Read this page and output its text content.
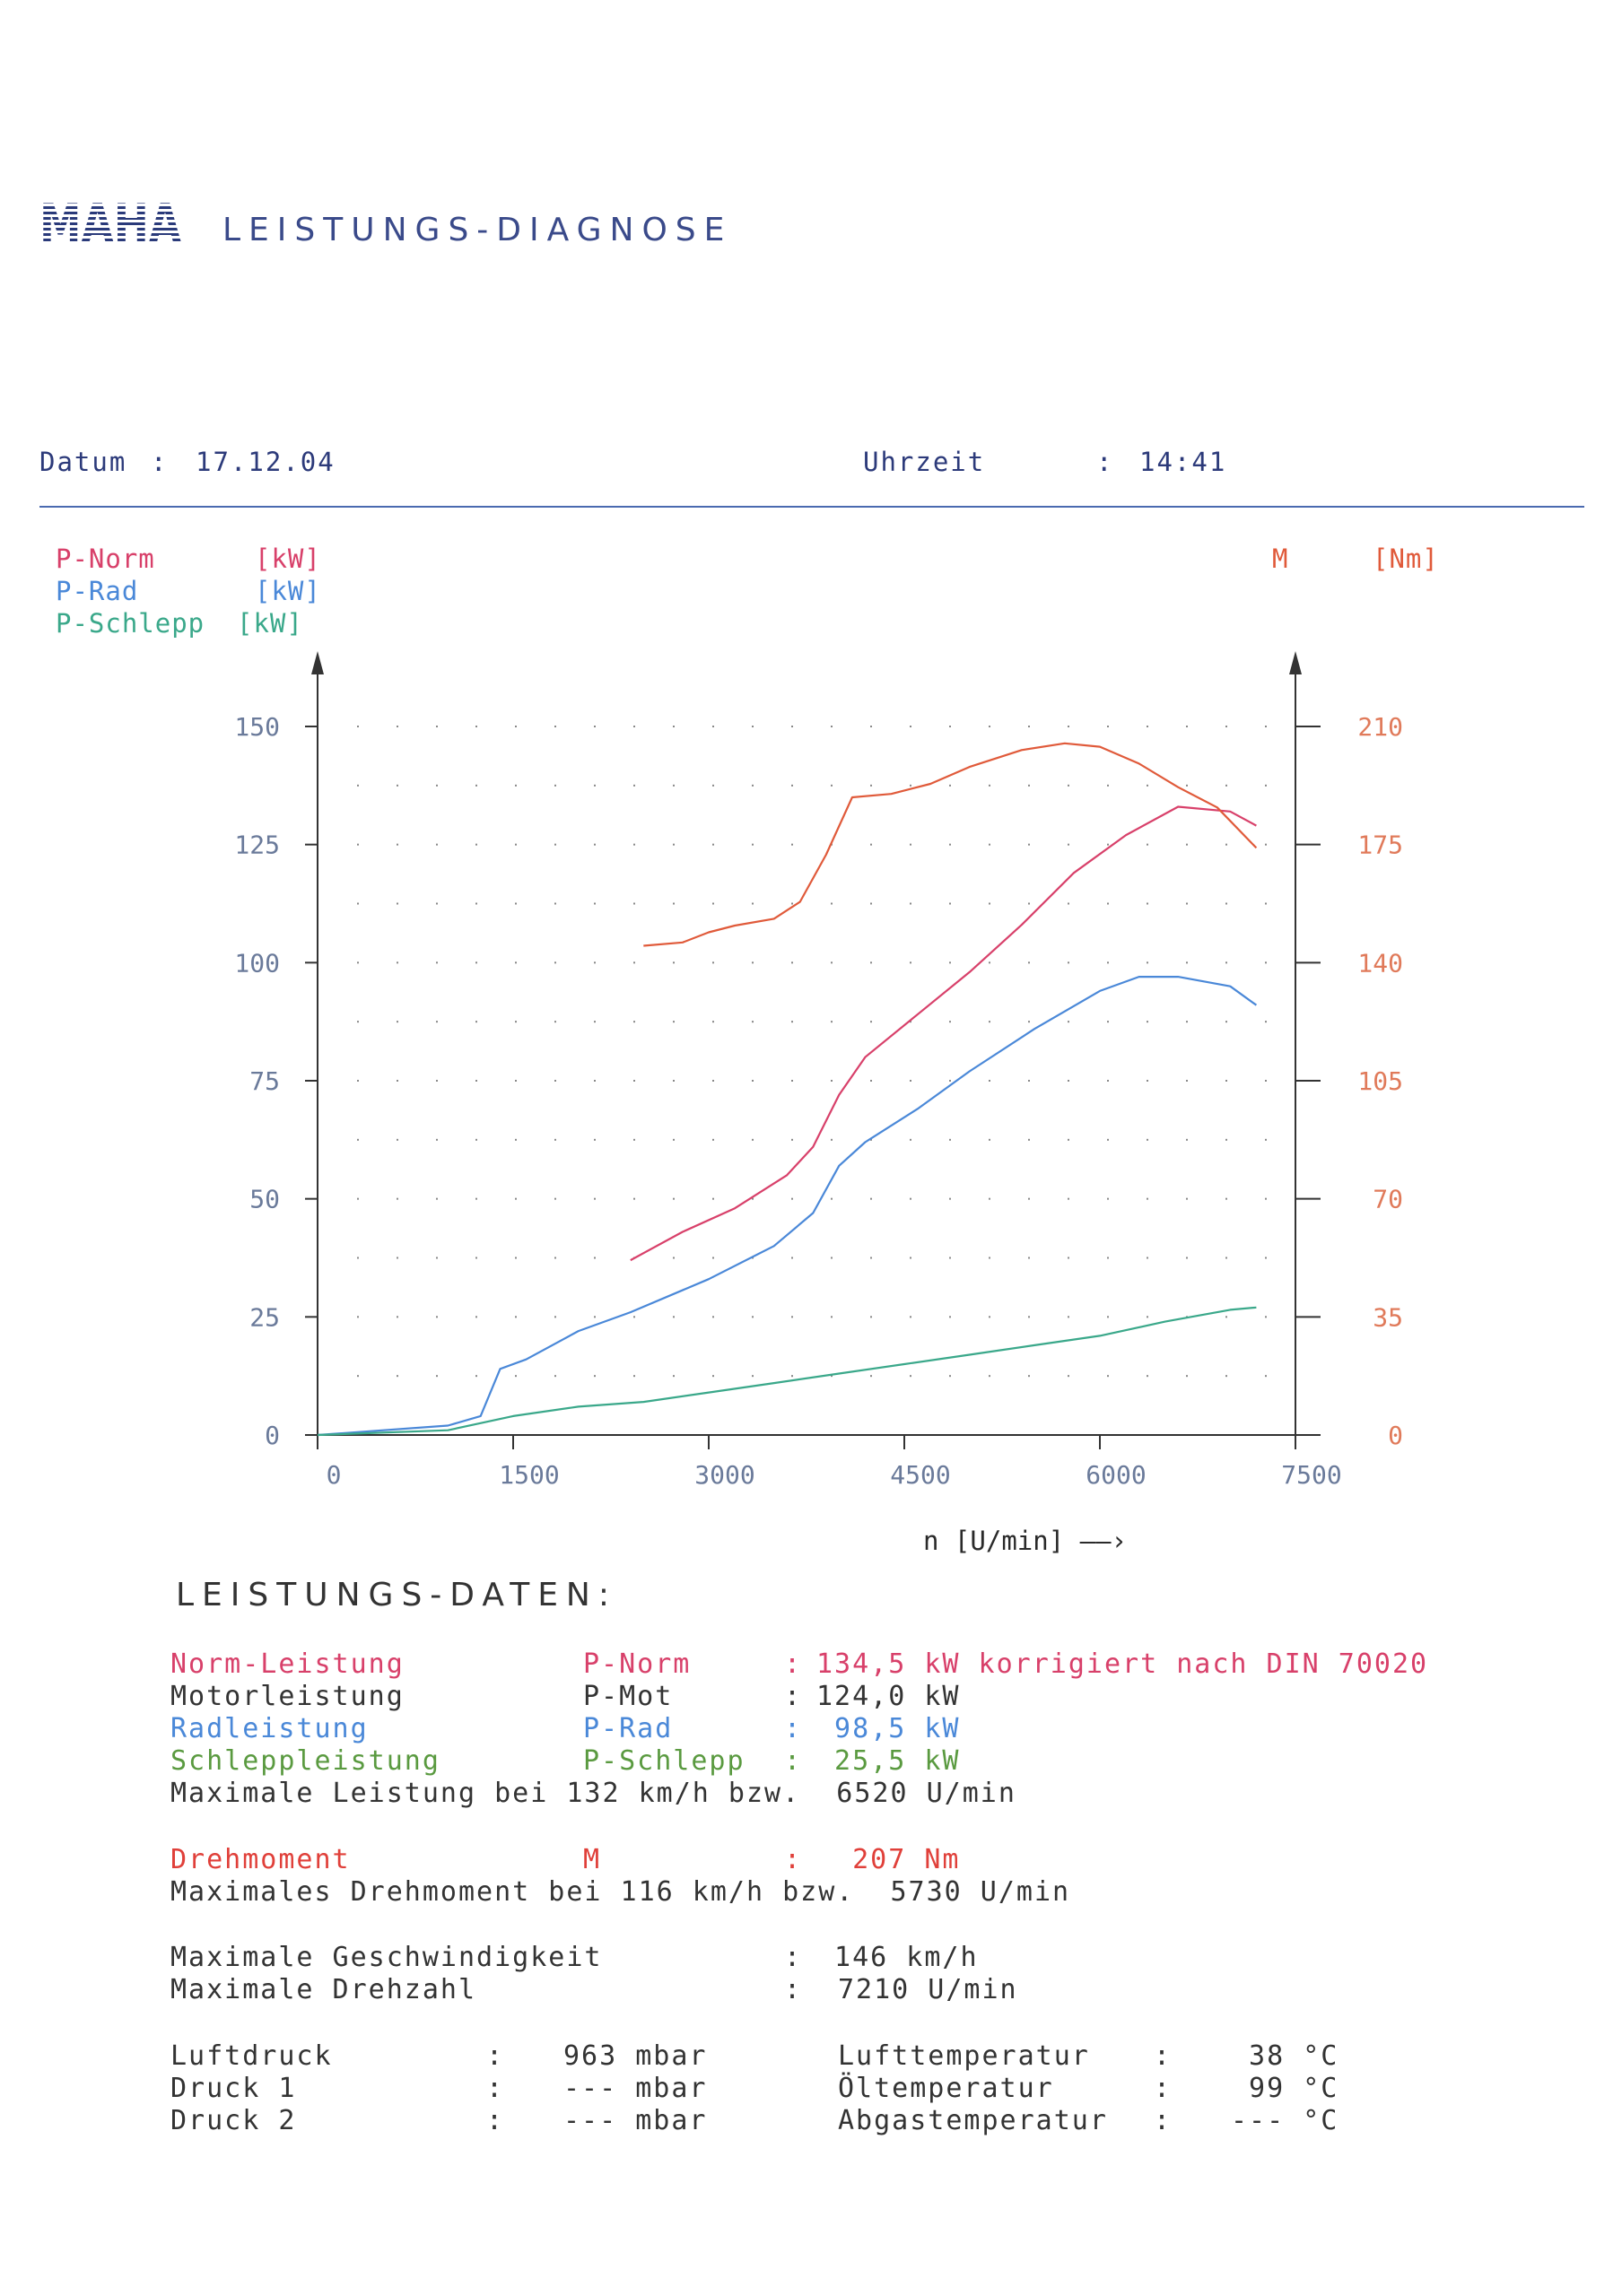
MAHA LEISTUNGS-DIAGNOSE
Datum : 17.12.04	Uhrzeit	: 14:41
P-Norm	[kW]
P-Rad	[kW]
P-Schlepp [kW]
M	[Nm]
0
25
50
75
100
125
150
0
35
70
105
140
175
210
0	1500	3000	4500	6000	7500
n [U/min] ——›
LEISTUNGS-DATEN:
Norm-Leistung	P-Norm	: 134,5 kW korrigiert nach DIN 70020
Motorleistung	P-Mot	: 124,0 kW
Radleistung	P-Rad	: 98,5 kW
Schleppleistung	P-Schlepp : 25,5 kW
Maximale Leistung bei 132 km/h bzw.  6520 U/min
Drehmoment	M	: 207 Nm
Maximales Drehmoment bei 116 km/h bzw.  5730 U/min
Maximale Geschwindigkeit	: 146 km/h
Maximale Drehzahl	: 7210 U/min
Luftdruck	: 963 mbar	Lufttemperatur : 38 °C
Druck 1	: --- mbar	Öltemperatur	: 99 °C
Druck 2	: --- mbar	Abgastemperatur : --- °C
